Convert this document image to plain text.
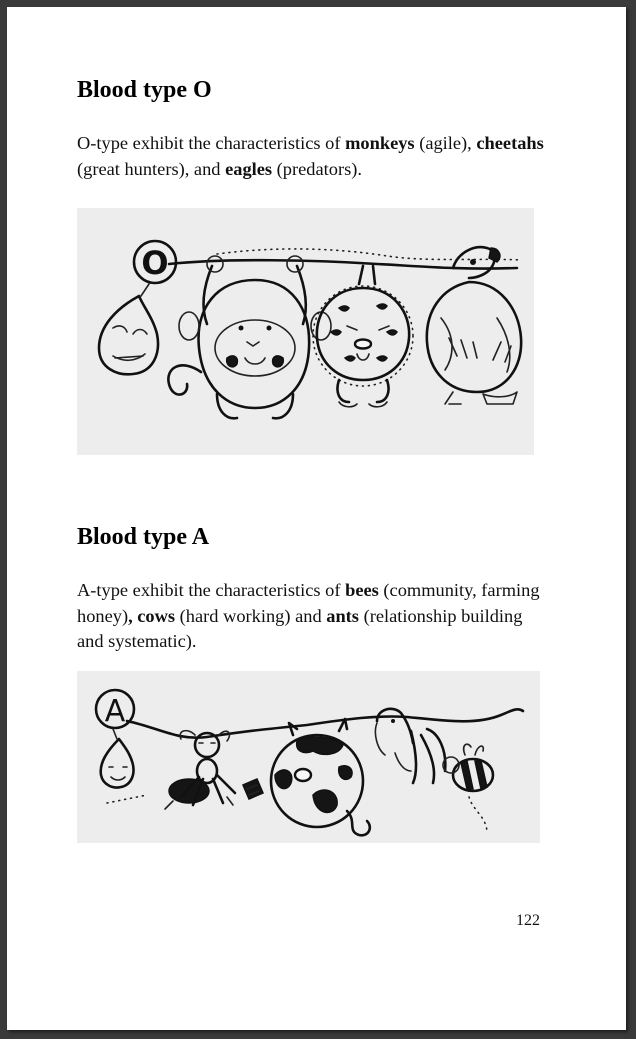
Blood type O

O-type exhibit the characteristics of monkeys (agile), cheetahs (great hunters), and eagles (predators).

O
Blood type A

A-type exhibit the characteristics of bees (community, farming honey), cows (hard working) and ants (relationship building and systematic).

A
122
